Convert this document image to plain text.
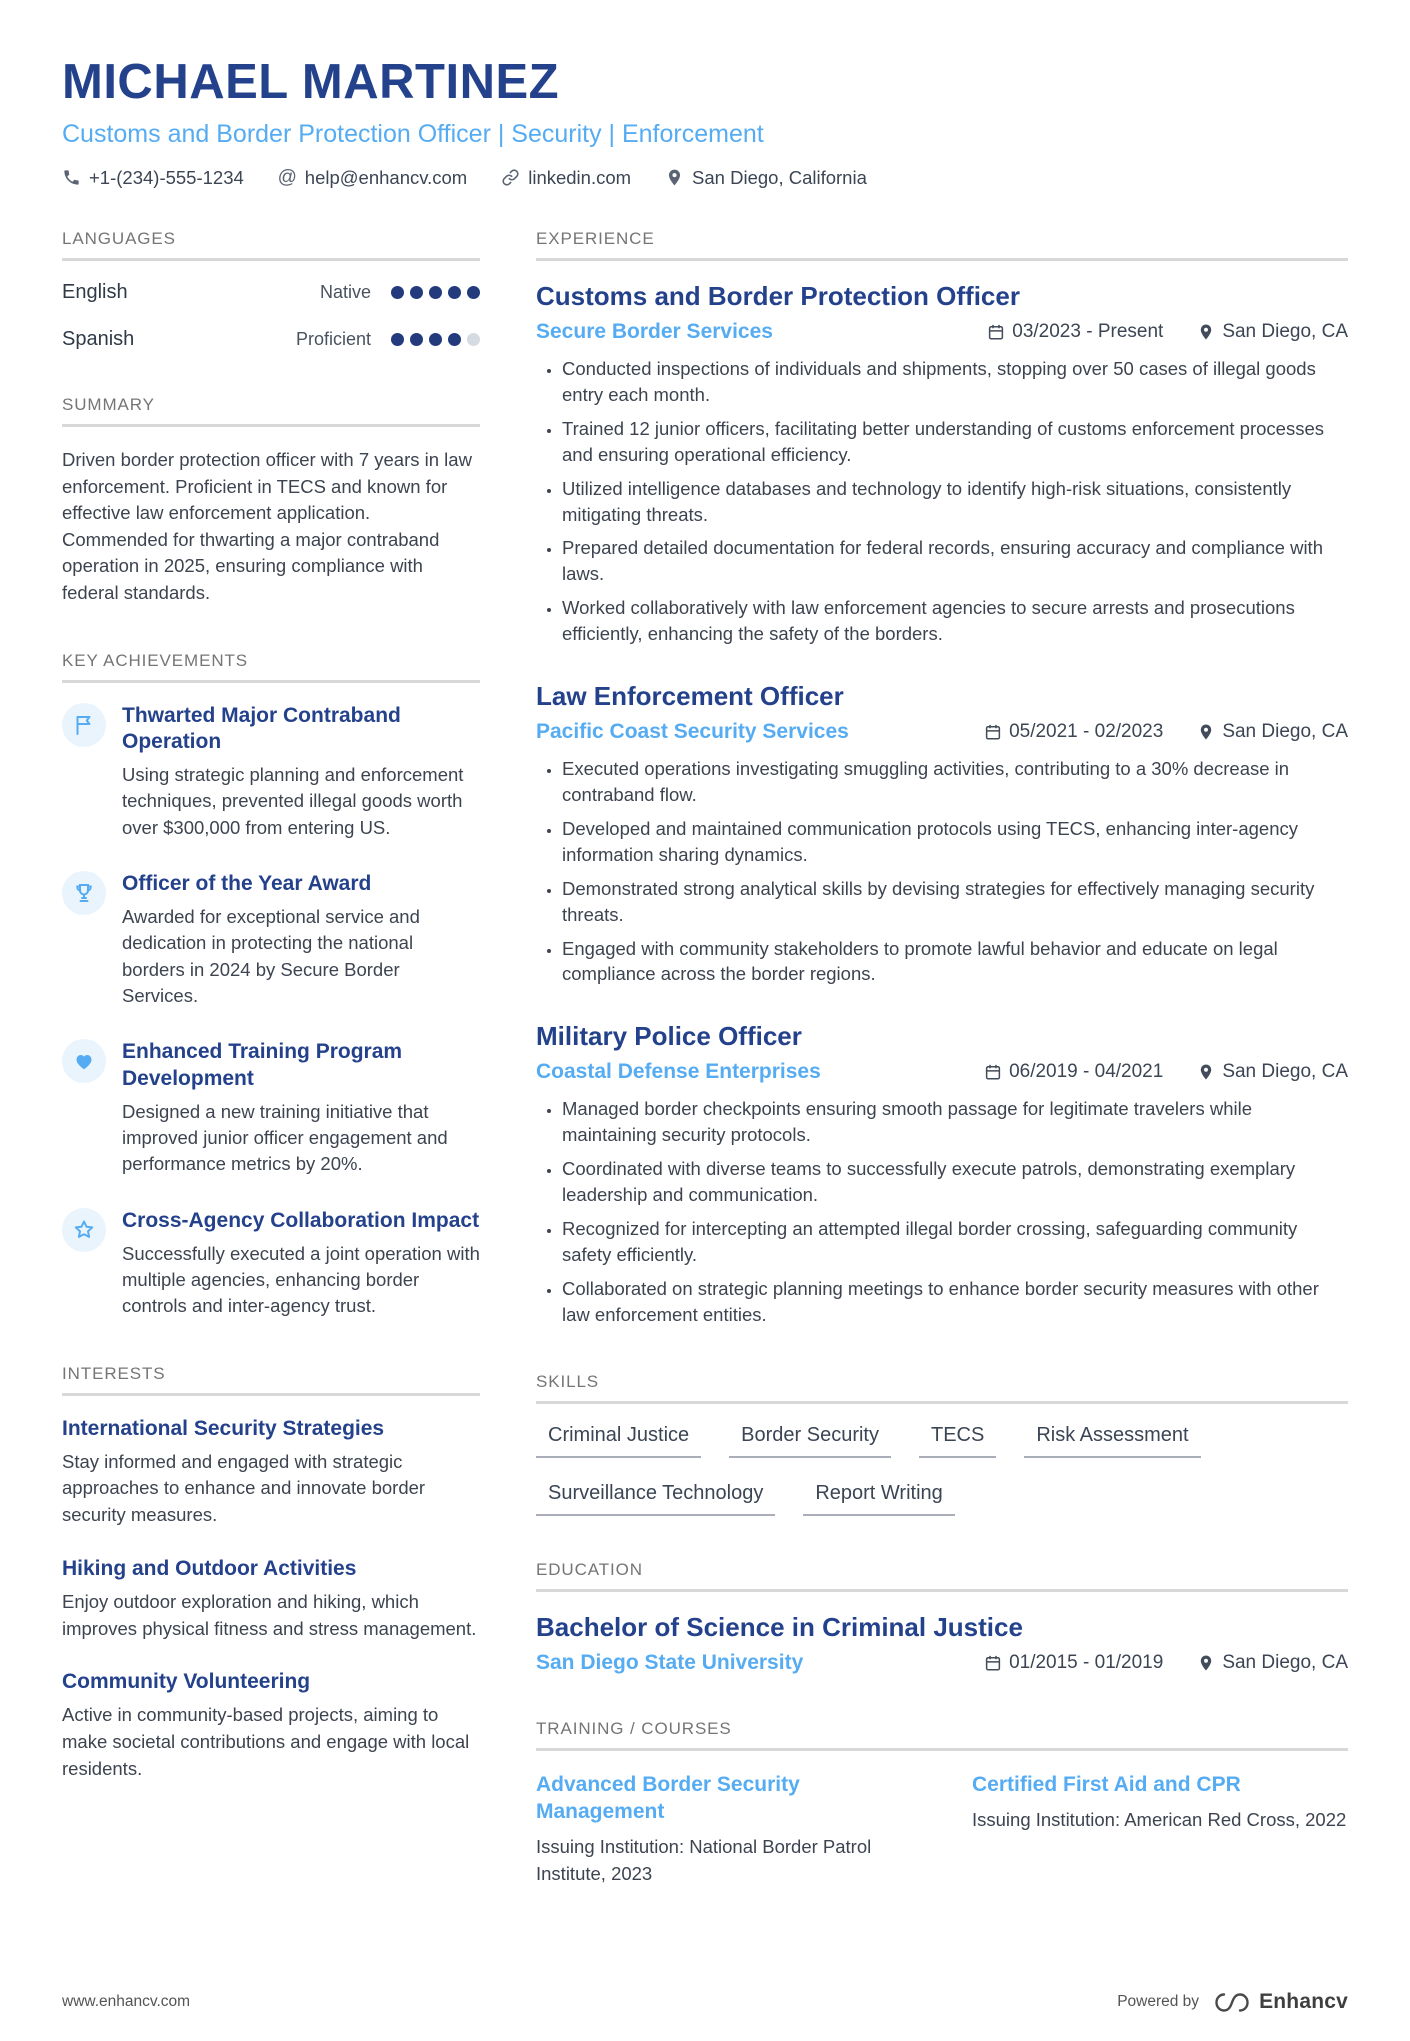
MICHAEL MARTINEZ
Customs and Border Protection Officer | Security | Enforcement
+1-(234)-555-1234 @ help@enhancv.com	linkedin.com	San Diego, California
LANGUAGES
English	Native
Spanish	Proficient
SUMMARY
Driven border protection officer with 7 years in law enforcement. Proficient in TECS and known for effective law enforcement application. Commended for thwarting a major contraband operation in 2025, ensuring compliance with federal standards.
KEY ACHIEVEMENTS
Thwarted Major Contraband Operation
Using strategic planning and enforcement techniques, prevented illegal goods worth over $300,000 from entering US.
Officer of the Year Award
Awarded for exceptional service and dedication in protecting the national borders in 2024 by Secure Border Services.
Enhanced Training Program Development
Designed a new training initiative that improved junior officer engagement and performance metrics by 20%.
Cross-Agency Collaboration Impact
Successfully executed a joint operation with multiple agencies, enhancing border controls and inter-agency trust.
INTERESTS
International Security Strategies
Stay informed and engaged with strategic approaches to enhance and innovate border security measures.
Hiking and Outdoor Activities
Enjoy outdoor exploration and hiking, which improves physical fitness and stress management.
Community Volunteering
Active in community-based projects, aiming to make societal contributions and engage with local residents.
EXPERIENCE
Customs and Border Protection Officer
Secure Border Services	03/2023 - Present	San Diego, CA
• Conducted inspections of individuals and shipments, stopping over 50 cases of illegal goods entry each month.
• Trained 12 junior officers, facilitating better understanding of customs enforcement processes and ensuring operational efficiency.
• Utilized intelligence databases and technology to identify high-risk situations, consistently mitigating threats.
• Prepared detailed documentation for federal records, ensuring accuracy and compliance with laws.
• Worked collaboratively with law enforcement agencies to secure arrests and prosecutions efficiently, enhancing the safety of the borders.
Law Enforcement Officer
Pacific Coast Security Services	05/2021 - 02/2023	San Diego, CA
• Executed operations investigating smuggling activities, contributing to a 30% decrease in contraband flow.
• Developed and maintained communication protocols using TECS, enhancing inter-agency information sharing dynamics.
• Demonstrated strong analytical skills by devising strategies for effectively managing security threats.
• Engaged with community stakeholders to promote lawful behavior and educate on legal compliance across the border regions.
Military Police Officer
Coastal Defense Enterprises	06/2019 - 04/2021	San Diego, CA
• Managed border checkpoints ensuring smooth passage for legitimate travelers while maintaining security protocols.
• Coordinated with diverse teams to successfully execute patrols, demonstrating exemplary leadership and communication.
• Recognized for intercepting an attempted illegal border crossing, safeguarding community safety efficiently.
• Collaborated on strategic planning meetings to enhance border security measures with other law enforcement entities.
SKILLS
Criminal Justice	Border Security	TECS	Risk Assessment
Surveillance Technology	Report Writing
EDUCATION
Bachelor of Science in Criminal Justice
San Diego State University	01/2015 - 01/2019	San Diego, CA
TRAINING / COURSES
Advanced Border Security Management
Issuing Institution: National Border Patrol Institute, 2023
Certified First Aid and CPR
Issuing Institution: American Red Cross, 2022
www.enhancv.com	Powered by	Enhancv
